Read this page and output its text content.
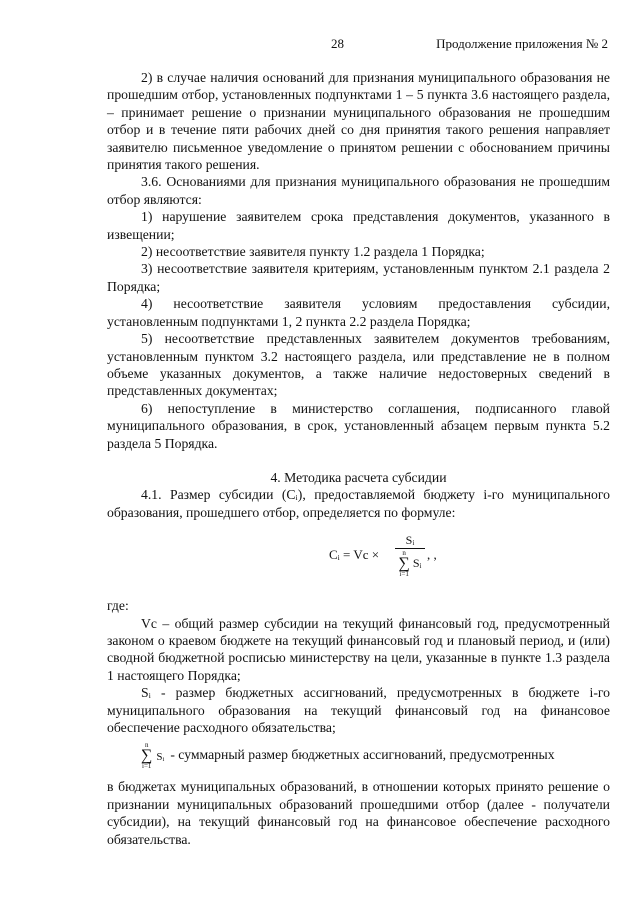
28	Продолжение приложения № 2

2) в случае наличия оснований для признания муниципального образования не прошедшим отбор, установленных подпунктами 1 – 5 пункта 3.6 настоящего раздела, – принимает решение о признании муниципального образования не прошедшим отбор и в течение пяти рабочих дней со дня принятия такого решения направляет заявителю письменное уведомление о принятом решении с обоснованием причины принятия такого решения.

3.6. Основаниями для признания муниципального образования не прошедшим отбор являются:

1) нарушение заявителем срока представления документов, указанного в извещении;

2) несоответствие заявителя пункту 1.2 раздела 1 Порядка;

3) несоответствие заявителя критериям, установленным пунктом 2.1 раздела 2 Порядка;

4) несоответствие заявителя условиям предоставления субсидии, установленным подпунктами 1, 2 пункта 2.2 раздела Порядка;

5) несоответствие представленных заявителем документов требованиям, установленным пунктом 3.2 настоящего раздела, или представление не в полном объеме указанных документов, а также наличие недостоверных сведений в представленных документах;

6) непоступление в министерство соглашения, подписанного главой муниципального образования, в срок, установленный абзацем первым пункта 5.2 раздела 5 Порядка.

4. Методика расчета субсидии

4.1. Размер субсидии (Cᵢ), предоставляемой бюджету i-го муниципального образования, прошедшего отбор, определяется по формуле:

Cᵢ = Vc ×
Sᵢ
n
∑
i=1
Sᵢ
, ,

где:

Vc – общий размер субсидии на текущий финансовый год, предусмотренный законом о краевом бюджете на текущий финансовый год и плановый период, и (или) сводной бюджетной росписью министерству на цели, указанные в пункте 1.3 раздела 1 настоящего Порядка;

Sᵢ - размер бюджетных ассигнований, предусмотренных в бюджете i-го муниципального образования на текущий финансовый год на финансовое обеспечение расходного обязательства;

n
∑
i=1
Sᵢ - суммарный размер бюджетных ассигнований, предусмотренных

в бюджетах муниципальных образований, в отношении которых принято решение о признании муниципальных образований прошедшими отбор (далее - получатели субсидии), на текущий финансовый год на финансовое обеспечение расходного обязательства.
